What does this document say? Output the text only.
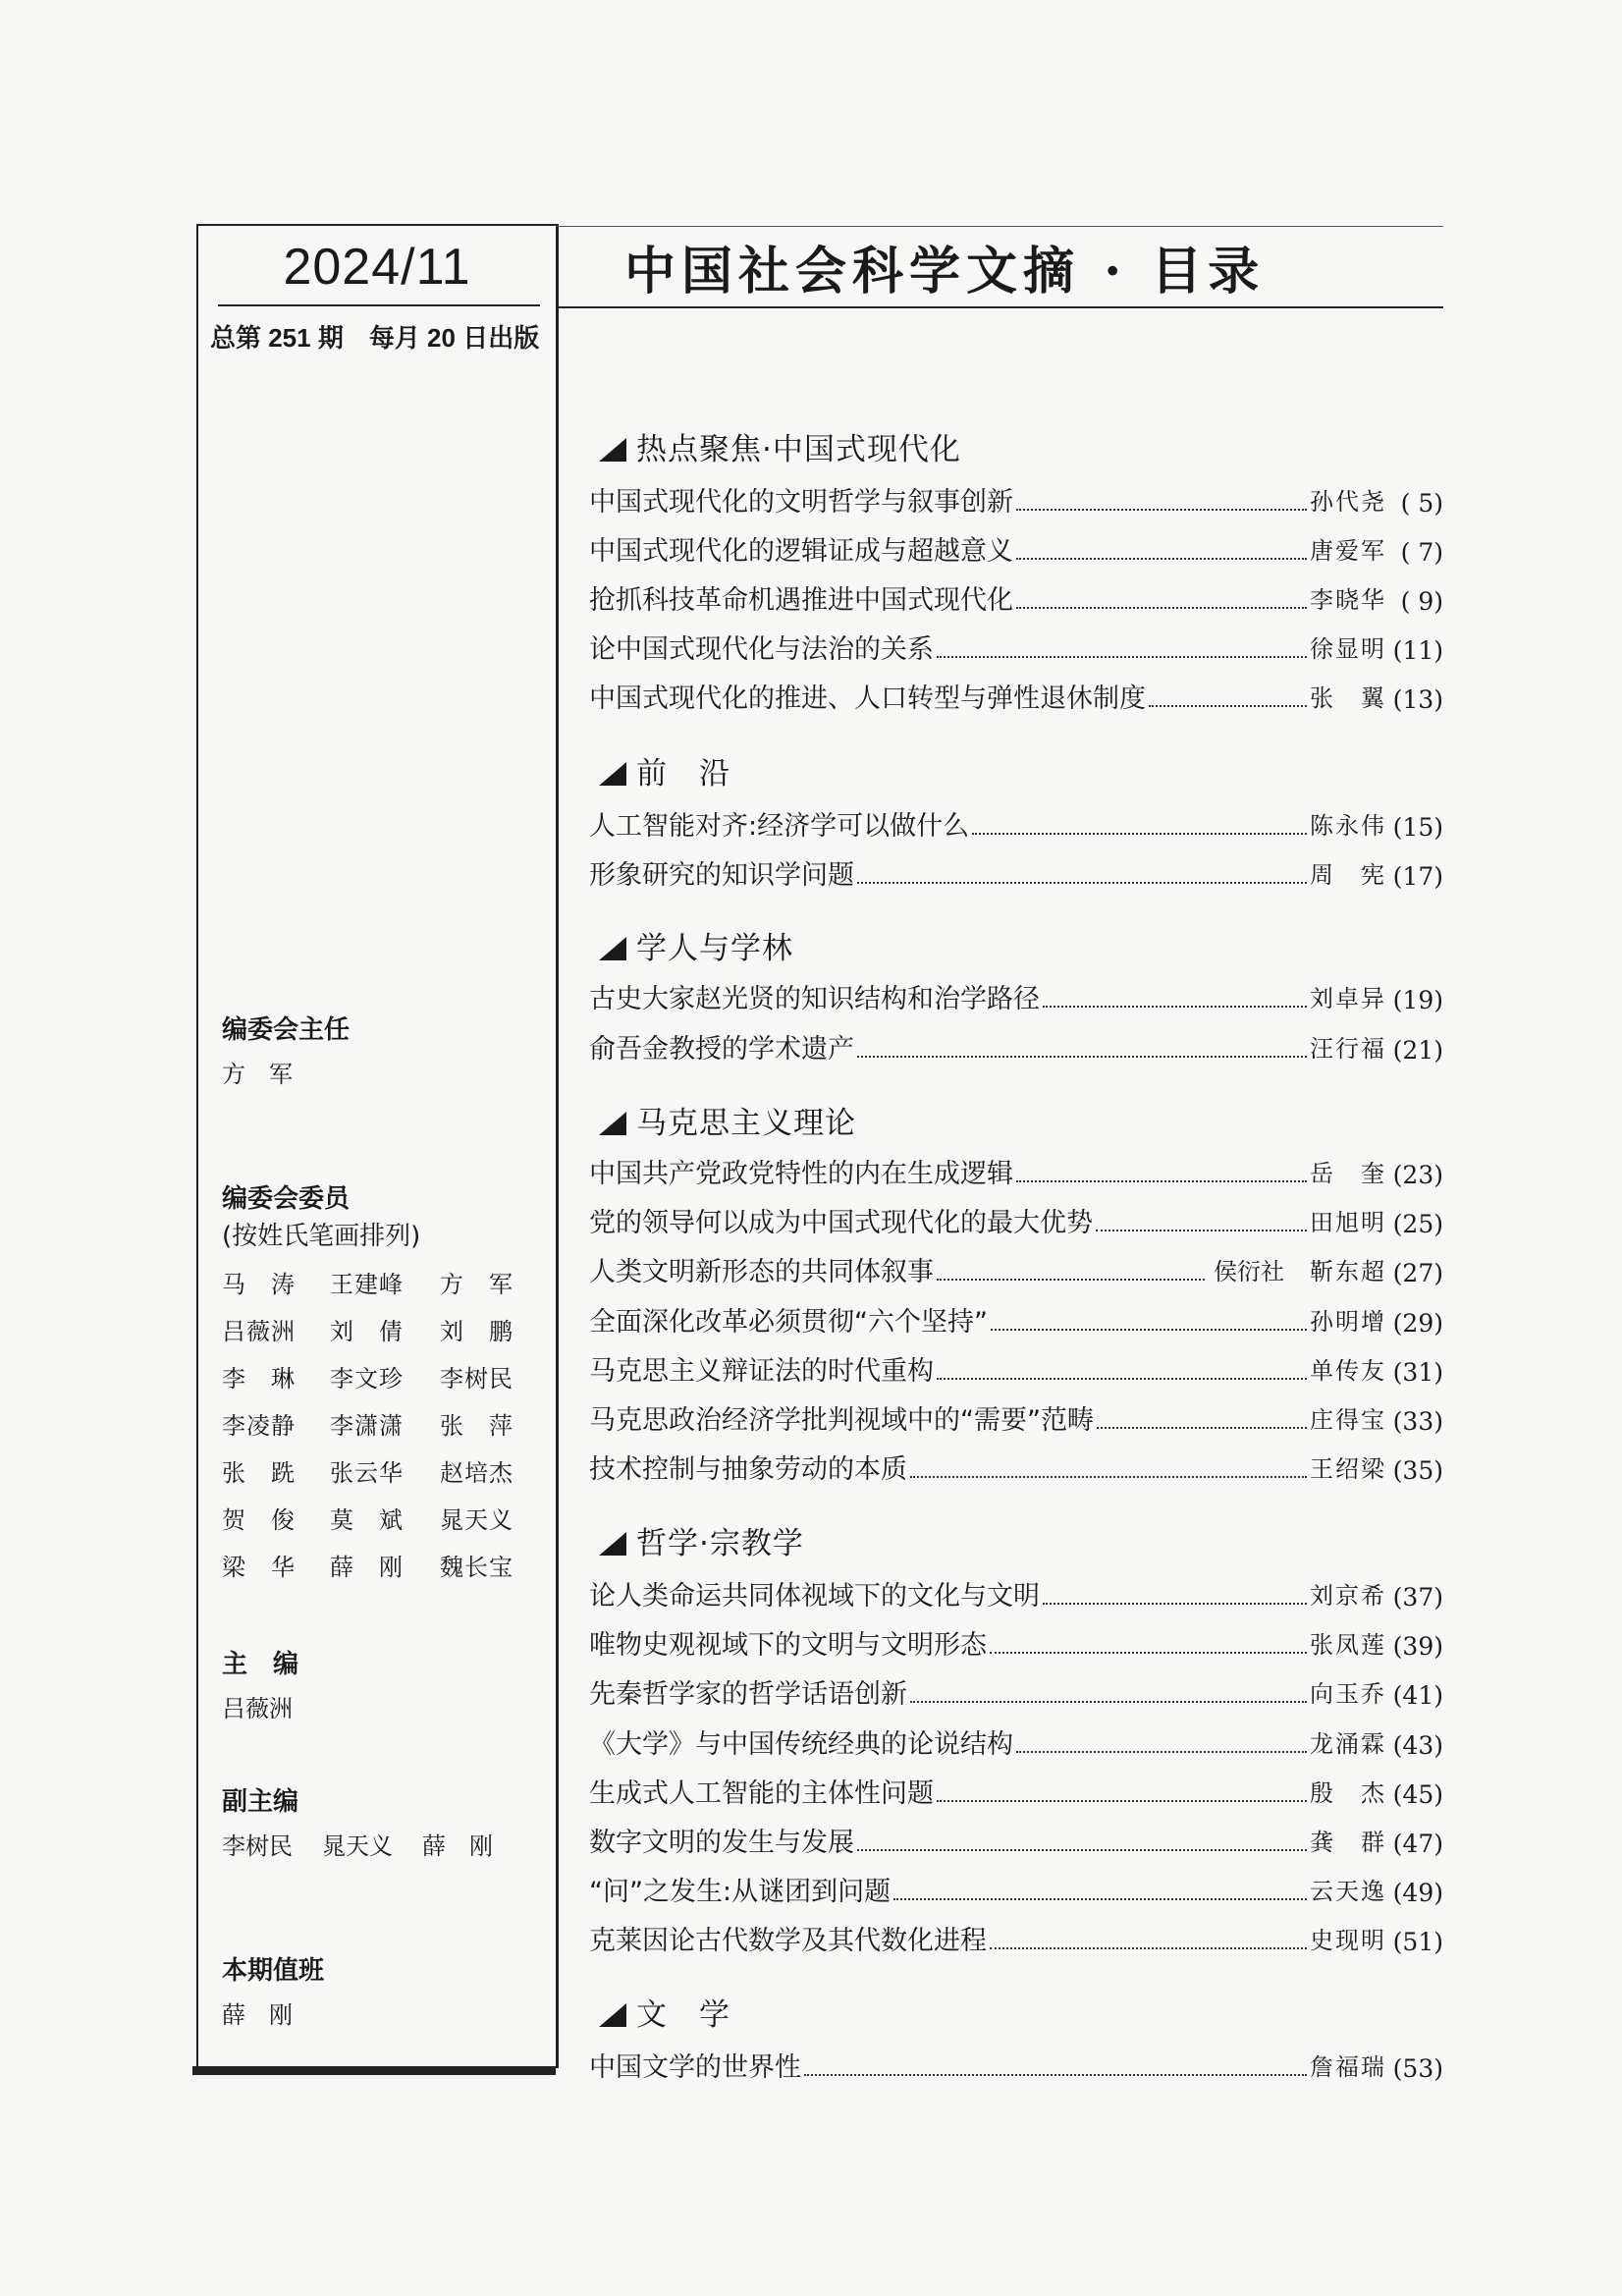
2024/11
总第 251 期 每月 20 日出版
编委会主任
方　军
编委会委员
(按姓氏笔画排列)
马　涛	王建峰	方　军
吕薇洲	刘　倩	刘　鹏
李　琳	李文珍	李树民
李凌静	李潇潇	张　萍
张　跣	张云华	赵培杰
贺　俊	莫　斌	晁天义
梁　华	薛　刚	魏长宝
主　编
吕薇洲
副主编
李树民 晁天义 薛　刚
本期值班
薛　刚
中国社会科学文摘 · 目录
热点聚焦·中国式现代化
中国式现代化的文明哲学与叙事创新	孙代尧 ( 5)
中国式现代化的逻辑证成与超越意义	唐爱军 ( 7)
抢抓科技革命机遇推进中国式现代化	李晓华 ( 9)
论中国式现代化与法治的关系	徐显明 (11)
中国式现代化的推进、人口转型与弹性退休制度	张　翼 (13)
前　沿
人工智能对齐:经济学可以做什么	陈永伟 (15)
形象研究的知识学问题	周　宪 (17)
学人与学林
古史大家赵光贤的知识结构和治学路径	刘卓异 (19)
俞吾金教授的学术遗产	汪行福 (21)
马克思主义理论
中国共产党政党特性的内在生成逻辑	岳　奎 (23)
党的领导何以成为中国式现代化的最大优势	田旭明 (25)
人类文明新形态的共同体叙事	侯衍社 靳东超 (27)
全面深化改革必须贯彻“六个坚持”	孙明增 (29)
马克思主义辩证法的时代重构	单传友 (31)
马克思政治经济学批判视域中的“需要”范畴	庄得宝 (33)
技术控制与抽象劳动的本质	王绍梁 (35)
哲学·宗教学
论人类命运共同体视域下的文化与文明	刘京希 (37)
唯物史观视域下的文明与文明形态	张凤莲 (39)
先秦哲学家的哲学话语创新	向玉乔 (41)
《大学》与中国传统经典的论说结构	龙涌霖 (43)
生成式人工智能的主体性问题	殷　杰 (45)
数字文明的发生与发展	龚　群 (47)
“问”之发生:从谜团到问题	云天逸 (49)
克莱因论古代数学及其代数化进程	史现明 (51)
文　学
中国文学的世界性	詹福瑞 (53)
